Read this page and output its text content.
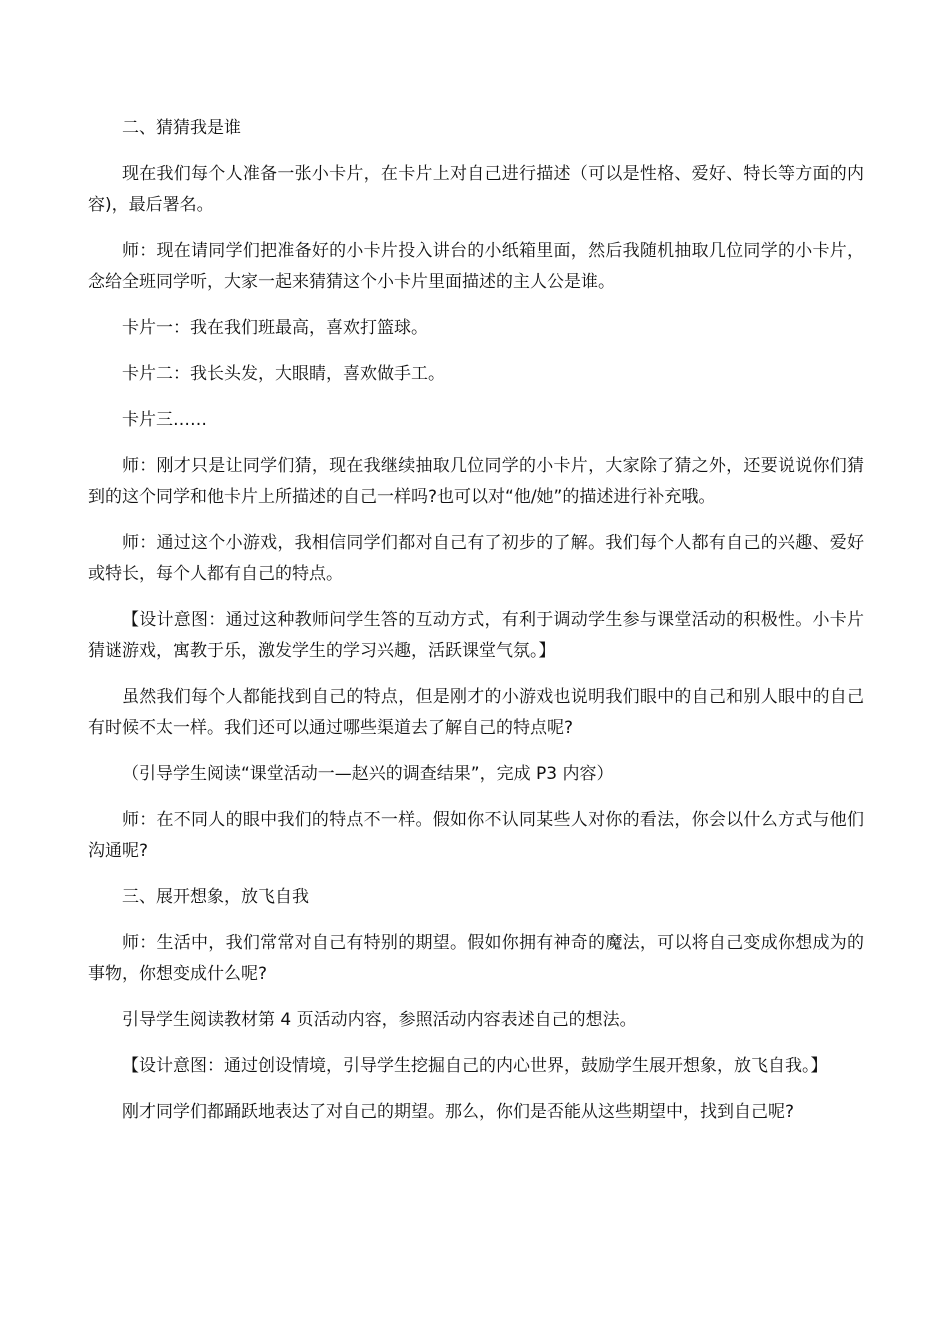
二、猜猜我是谁

现在我们每个人准备一张小卡片，在卡片上对自己进行描述（可以是性格、爱好、特长等方面的内容)，最后署名。

师：现在请同学们把准备好的小卡片投入讲台的小纸箱里面，然后我随机抽取几位同学的小卡片，念给全班同学听，大家一起来猜猜这个小卡片里面描述的主人公是谁。

卡片一：我在我们班最高，喜欢打篮球。

卡片二：我长头发，大眼睛，喜欢做手工。

卡片三……

师：刚才只是让同学们猜，现在我继续抽取几位同学的小卡片，大家除了猜之外，还要说说你们猜到的这个同学和他卡片上所描述的自己一样吗?也可以对“他/她”的描述进行补充哦。

师：通过这个小游戏，我相信同学们都对自己有了初步的了解。我们每个人都有自己的兴趣、爱好或特长，每个人都有自己的特点。

【设计意图：通过这种教师问学生答的互动方式，有利于调动学生参与课堂活动的积极性。小卡片猜谜游戏，寓教于乐，激发学生的学习兴趣，活跃课堂气氛。】

虽然我们每个人都能找到自己的特点，但是刚才的小游戏也说明我们眼中的自己和别人眼中的自己有时候不太一样。我们还可以通过哪些渠道去了解自己的特点呢?

（引导学生阅读“课堂活动一—赵兴的调查结果”，完成 P3 内容）

师：在不同人的眼中我们的特点不一样。假如你不认同某些人对你的看法，你会以什么方式与他们沟通呢?

三、展开想象，放飞自我

师：生活中，我们常常对自己有特别的期望。假如你拥有神奇的魔法，可以将自己变成你想成为的事物，你想变成什么呢?

引导学生阅读教材第 4 页活动内容，参照活动内容表述自己的想法。

【设计意图：通过创设情境，引导学生挖掘自己的内心世界，鼓励学生展开想象，放飞自我。】

刚才同学们都踊跃地表达了对自己的期望。那么，你们是否能从这些期望中，找到自己呢?
